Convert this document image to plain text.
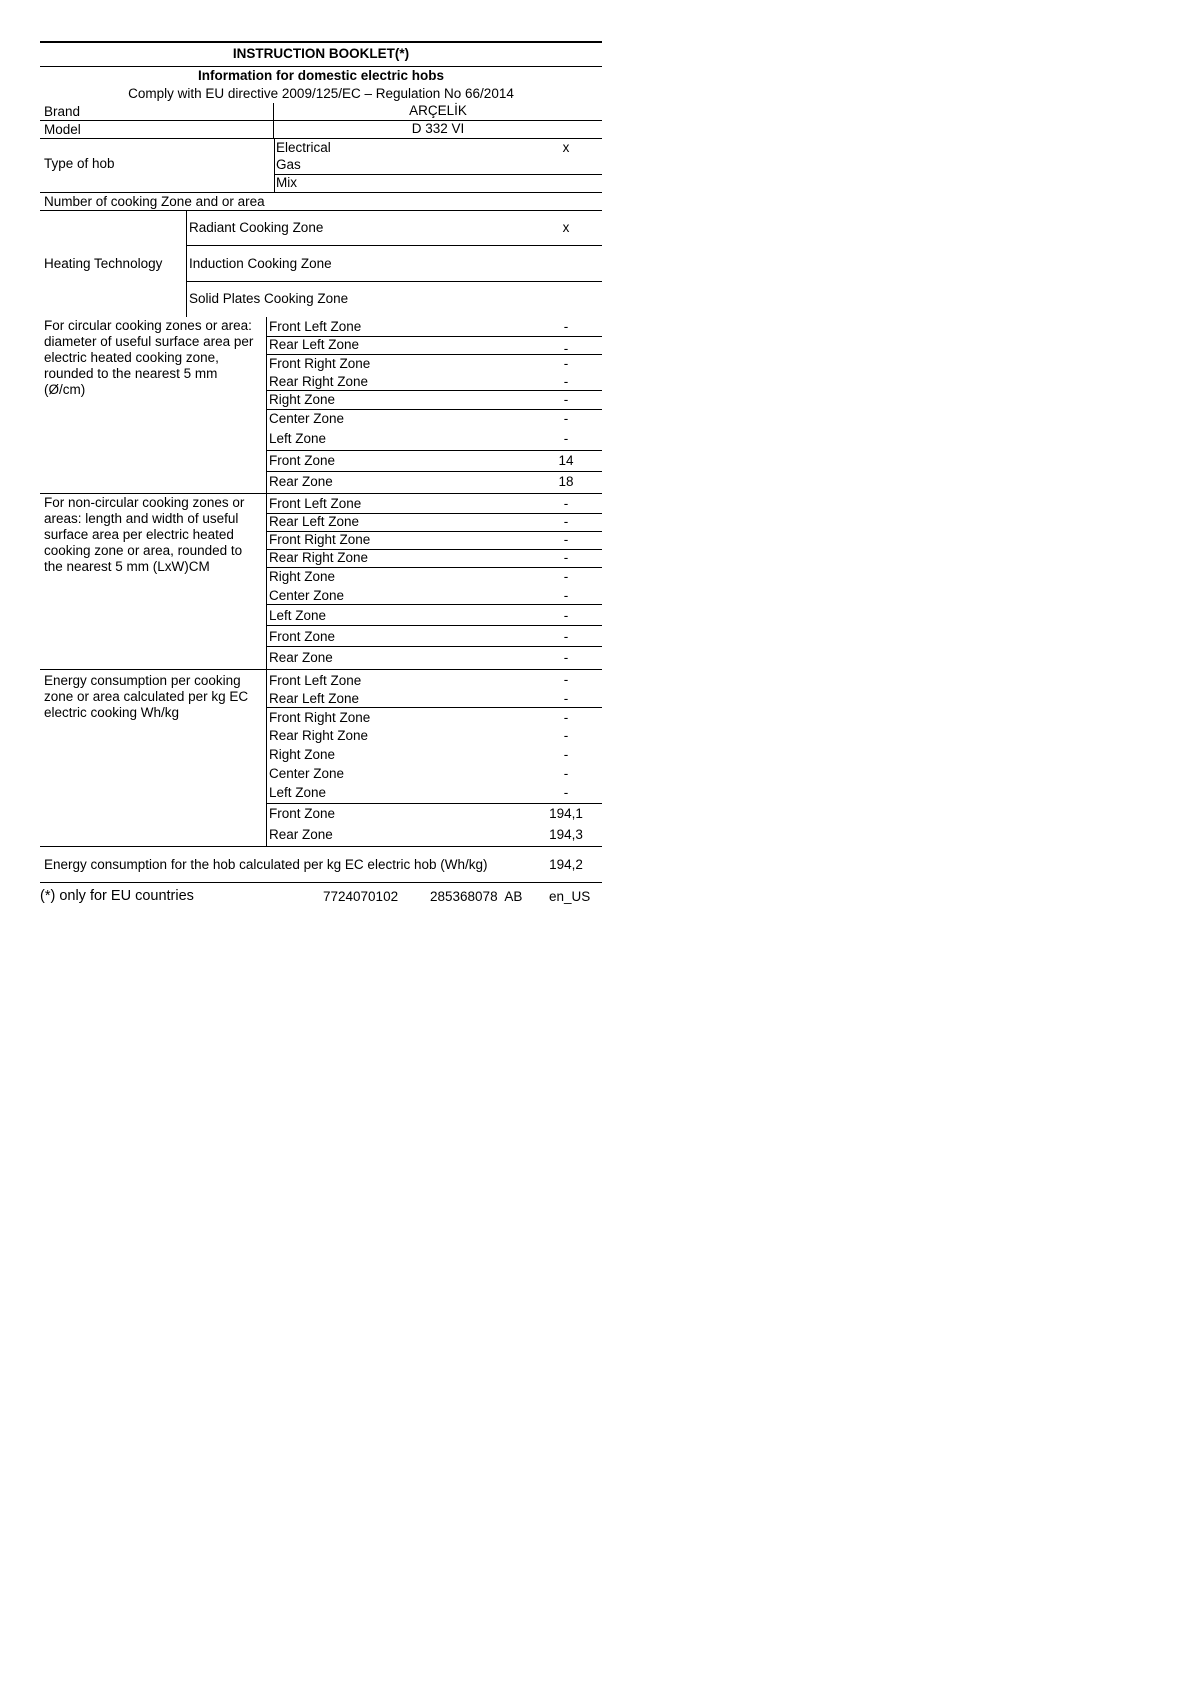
INSTRUCTION BOOKLET(*)
Information for domestic electric hobs
Comply with EU directive 2009/125/EC – Regulation No 66/2014
Brand	ARÇELİK
Model	D 332 VI
Type of hob
Electrical	x
Gas
Mix
Number of cooking Zone and or area
Heating Technology
Radiant Cooking Zone	x
Induction Cooking Zone
Solid Plates Cooking Zone
For circular cooking zones or area: diameter of useful surface area per electric heated cooking zone, rounded to the nearest 5 mm (Ø/cm)
Front Left Zone	-
Rear Left Zone	-
Front Right Zone	-
Rear Right Zone	-
Right Zone	-
Center Zone	-
Left Zone	-
Front Zone	14
Rear Zone	18
For non-circular cooking zones or areas: length and width of useful surface area per electric heated cooking zone or area, rounded to the nearest 5 mm (LxW)CM
Front Left Zone	-
Rear Left Zone	-
Front Right Zone	-
Rear Right Zone	-
Right Zone	-
Center Zone	-
Left Zone	-
Front Zone	-
Rear Zone	-
Energy consumption per cooking zone or area calculated per kg EC electric cooking Wh/kg
Front Left Zone	-
Rear Left Zone	-
Front Right Zone	-
Rear Right Zone	-
Right Zone	-
Center Zone	-
Left Zone	-
Front Zone	194,1
Rear Zone	194,3
Energy consumption for the hob calculated per kg EC electric hob (Wh/kg)	194,2
(*) only for EU countries	7724070102 285368078  AB en_US
